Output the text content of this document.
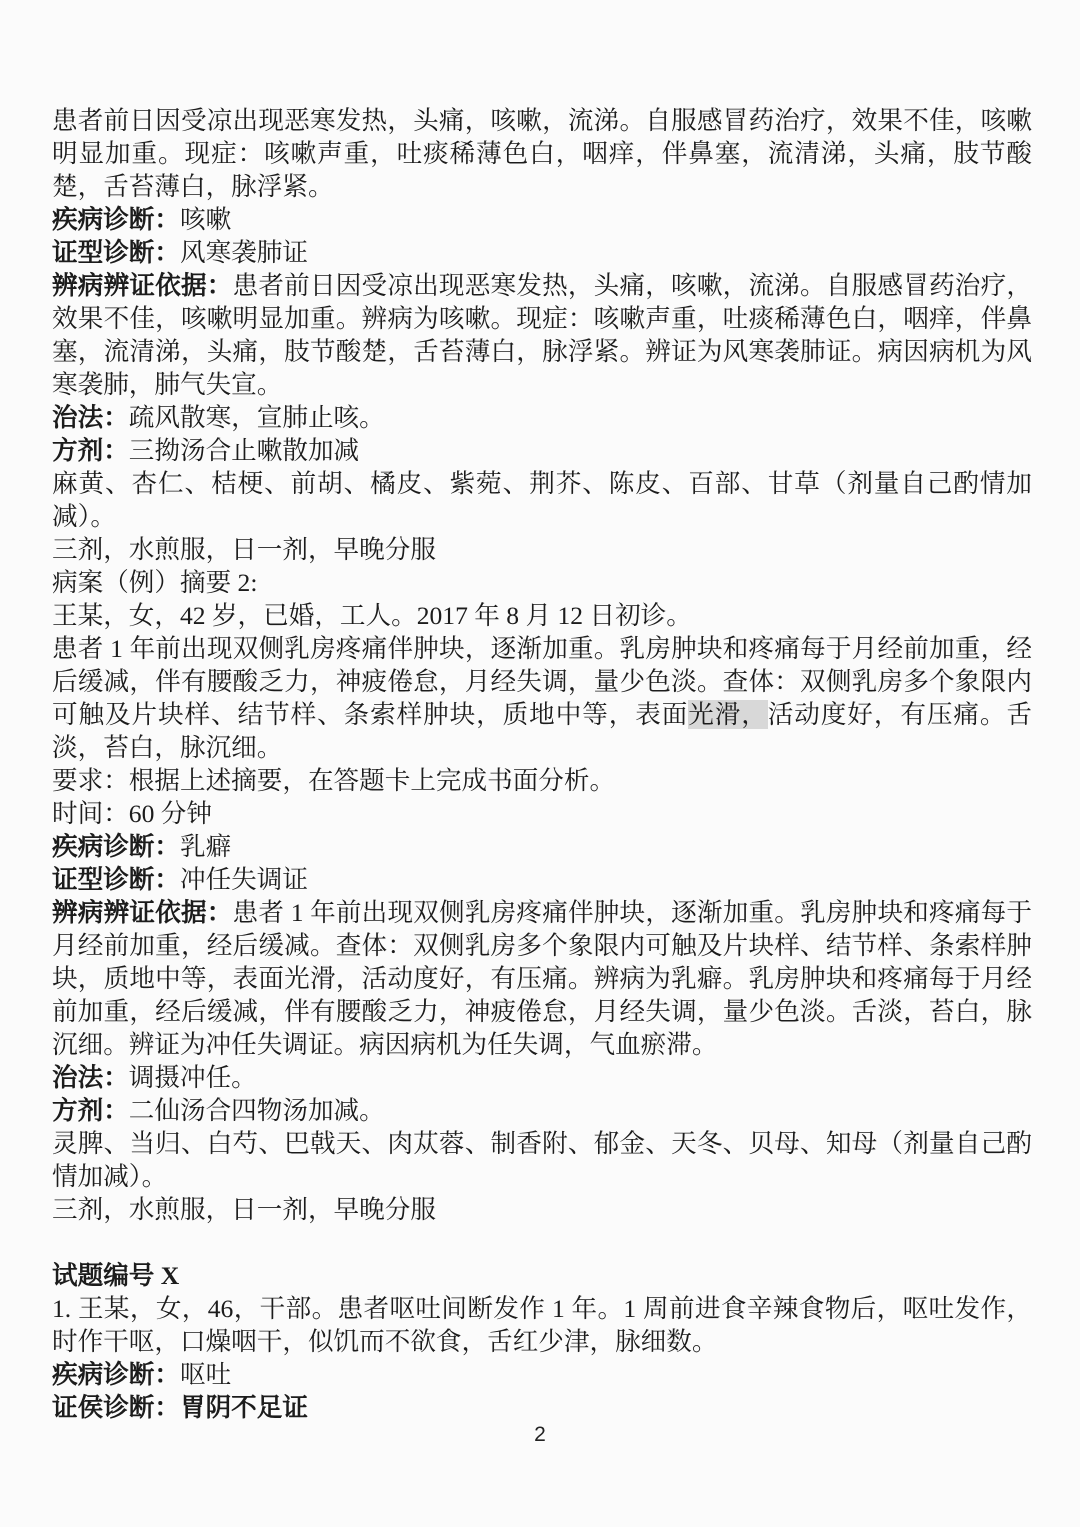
患者前日因受凉出现恶寒发热，头痛，咳嗽，流涕。自服感冒药治疗，效果不佳，咳嗽明显加重。现症：咳嗽声重，吐痰稀薄色白，咽痒，伴鼻塞，流清涕，头痛，肢节酸楚，舌苔薄白，脉浮紧。

疾病诊断：咳嗽

证型诊断：风寒袭肺证

辨病辨证依据：患者前日因受凉出现恶寒发热，头痛，咳嗽，流涕。自服感冒药治疗，效果不佳，咳嗽明显加重。辨病为咳嗽。现症：咳嗽声重，吐痰稀薄色白，咽痒，伴鼻塞，流清涕，头痛，肢节酸楚，舌苔薄白，脉浮紧。辨证为风寒袭肺证。病因病机为风寒袭肺，肺气失宣。

治法：疏风散寒，宣肺止咳。

方剂：三拗汤合止嗽散加减

麻黄、杏仁、桔梗、前胡、橘皮、紫菀、荆芥、陈皮、百部、甘草（剂量自己酌情加减）。

三剂，水煎服，日一剂，早晚分服

病案（例）摘要 2:

王某，女，42 岁，已婚，工人。2017 年 8 月 12 日初诊。

患者 1 年前出现双侧乳房疼痛伴肿块，逐渐加重。乳房肿块和疼痛每于月经前加重，经后缓减，伴有腰酸乏力，神疲倦怠，月经失调，量少色淡。查体：双侧乳房多个象限内可触及片块样、结节样、条索样肿块，质地中等，表面光滑，活动度好，有压痛。舌淡，苔白，脉沉细。

要求：根据上述摘要，在答题卡上完成书面分析。

时间：60 分钟

疾病诊断：乳癖

证型诊断：冲任失调证

辨病辨证依据：患者 1 年前出现双侧乳房疼痛伴肿块，逐渐加重。乳房肿块和疼痛每于月经前加重，经后缓减。查体：双侧乳房多个象限内可触及片块样、结节样、条索样肿块，质地中等，表面光滑，活动度好，有压痛。辨病为乳癖。乳房肿块和疼痛每于月经前加重，经后缓减，伴有腰酸乏力，神疲倦怠，月经失调，量少色淡。舌淡，苔白，脉沉细。辨证为冲任失调证。病因病机为任失调，气血瘀滞。

治法：调摄冲任。

方剂：二仙汤合四物汤加减。

灵脾、当归、白芍、巴戟天、肉苁蓉、制香附、郁金、天冬、贝母、知母（剂量自己酌情加减）。

三剂，水煎服，日一剂，早晚分服

试题编号 X

1. 王某，女，46，干部。患者呕吐间断发作 1 年。1 周前进食辛辣食物后，呕吐发作，时作干呕，口燥咽干，似饥而不欲食，舌红少津，脉细数。

疾病诊断：呕吐

证侯诊断：胃阴不足证

2
